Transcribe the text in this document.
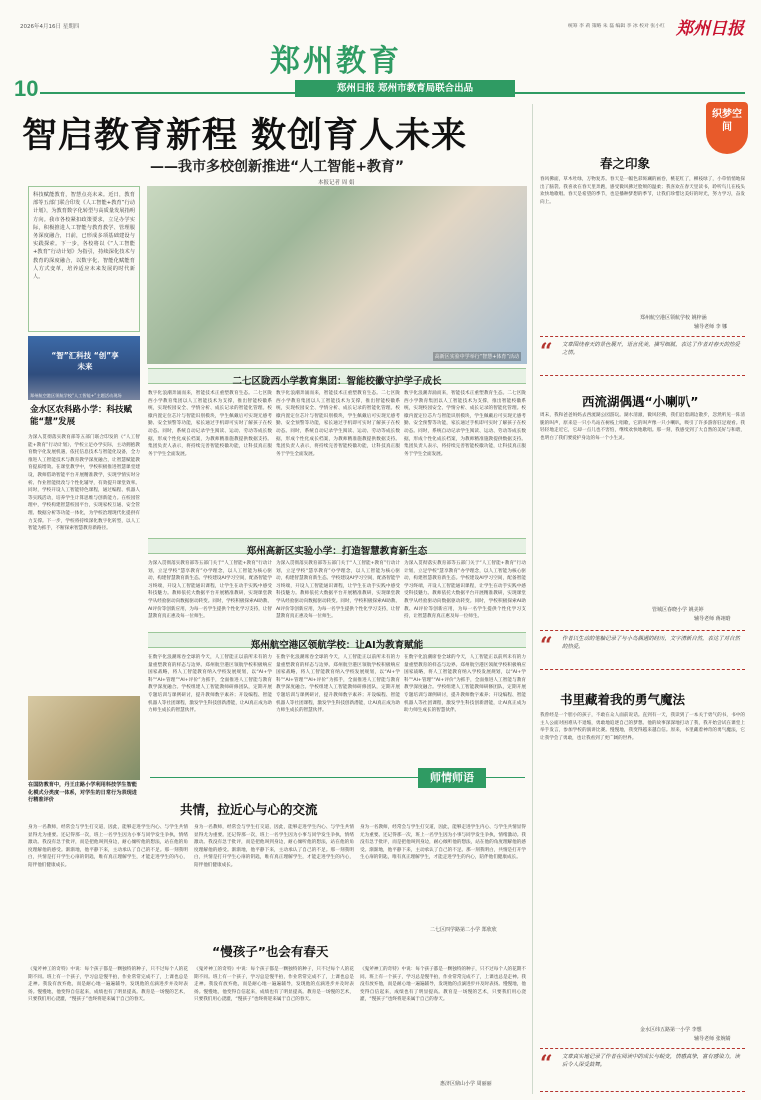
10
2026年4月16日 星期四
郑州教育
郑州日报 郑州市教育局联合出品
统筹 李 莉 策略 朱 磊 编辑 李 冰 校对 张小红 郑州日报
智启教育新程 数创育人未来
——我市多校创新推进“人工智能+教育”
本报记者 周 娟
科技赋能教育，智慧点亮未来。近日，教育部等五部门联合印发《人工智能+教育”行动计划》，为教育数字化转型与高质量发展指明方向。我市各校紧扣政策要求，立足办学实际，积极推进人工智能与教育教学、管理服务深度融合，日前，已形成多项基础建设与实践探索。下一步，各校将以《“人工智能+教育”行动计划》为指引，持续深化技术与教育的深度融合，以数字化、智能化赋能育人方式变革，培养适应未来发展的时代新人。
高新区实验中学举行“智慧+体育”活动
“智”汇科技 “创”享未来
郑州航空港区领航学校“人工智能+”主题活动现场
金水区农科路小学：科技赋能“慧”发展
为深入贯彻落实教育部等五部门联合印发的《“人工智能+教育”行动计划》，学校立足办学实际，主动拥抱教育数字化发展机遇，依托信息技术与智能化设备，全力推进人工智能技术与教育教学深度融合，让智慧赋能教育提质增效。在课堂教学中，学校积极推进智慧课堂建设，教师借助智能平台开展精准教学，实现学情实时分析、作业智能批改与个性化辅导，有效提升课堂效率。同时，学校开设人工智能特色课程，通过编程、机器人等实践活动，培养学生计算思维与创新能力。在校园管理中，学校构建智慧校园平台，实现家校互通、安全管理、数据分析等功能一体化，为学校治理现代化提供有力支撑。下一步，学校将持续深化数字化转型，以人工智能为抓手，不断探索智慧教育新路径。
在国防教育中，丹王庄路小学利用科技学生智能化模式分类度一体系，对学生的日常行为表现进行精准评价
二七区陇西小学教育集团：智能校徽守护学子成长
数字化浪潮奔涌而来，智能技术正重塑教育生态。二七区陇西小学教育集团以人工智能技术为支撑，推出智能校徽系统，实现校园安全、学情分析、成长记录的智能化管理。校徽内置定位芯片与智能识别模块，学生佩戴后可实现无感考勤、安全预警等功能，家长通过手机即可实时了解孩子在校动态。同时，系统自动记录学生阅读、运动、劳动等成长数据，形成个性化成长档案，为教师精准施教提供数据支持。集团负责人表示，将持续完善智能校徽功能，让科技真正服务于学生全面发展。
数字化浪潮奔涌而来，智能技术正重塑教育生态。二七区陇西小学教育集团以人工智能技术为支撑，推出智能校徽系统，实现校园安全、学情分析、成长记录的智能化管理。校徽内置定位芯片与智能识别模块，学生佩戴后可实现无感考勤、安全预警等功能，家长通过手机即可实时了解孩子在校动态。同时，系统自动记录学生阅读、运动、劳动等成长数据，形成个性化成长档案，为教师精准施教提供数据支持。集团负责人表示，将持续完善智能校徽功能，让科技真正服务于学生全面发展。
数字化浪潮奔涌而来，智能技术正重塑教育生态。二七区陇西小学教育集团以人工智能技术为支撑，推出智能校徽系统，实现校园安全、学情分析、成长记录的智能化管理。校徽内置定位芯片与智能识别模块，学生佩戴后可实现无感考勤、安全预警等功能，家长通过手机即可实时了解孩子在校动态。同时，系统自动记录学生阅读、运动、劳动等成长数据，形成个性化成长档案，为教师精准施教提供数据支持。集团负责人表示，将持续完善智能校徽功能，让科技真正服务于学生全面发展。
郑州高新区实验小学：打造智慧教育新生态
为深入贯彻落实教育部等五部门关于“人工智能+教育”行动计划，立足学校“慧享教育”办学理念，以人工智能为核心驱动，构建智慧教育新生态。学校建设AI学习空间，配备智能学习终端，开设人工智能通识课程，让学生在动手实践中感受科技魅力。教师依托大数据平台开展精准教研，实现课堂教学从经验驱动向数据驱动转变。同时，学校积极探索AI助教、AI评价等创新应用，为每一名学生提供个性化学习支持，让智慧教育真正惠及每一位师生。
为深入贯彻落实教育部等五部门关于“人工智能+教育”行动计划，立足学校“慧享教育”办学理念，以人工智能为核心驱动，构建智慧教育新生态。学校建设AI学习空间，配备智能学习终端，开设人工智能通识课程，让学生在动手实践中感受科技魅力。教师依托大数据平台开展精准教研，实现课堂教学从经验驱动向数据驱动转变。同时，学校积极探索AI助教、AI评价等创新应用，为每一名学生提供个性化学习支持，让智慧教育真正惠及每一位师生。
为深入贯彻落实教育部等五部门关于“人工智能+教育”行动计划，立足学校“慧享教育”办学理念，以人工智能为核心驱动，构建智慧教育新生态。学校建设AI学习空间，配备智能学习终端，开设人工智能通识课程，让学生在动手实践中感受科技魅力。教师依托大数据平台开展精准教研，实现课堂教学从经验驱动向数据驱动转变。同时，学校积极探索AI助教、AI评价等创新应用，为每一名学生提供个性化学习支持，让智慧教育真正惠及每一位师生。
郑州航空港区领航学校：让AI为教育赋能
在数字化浪潮席卷全球的今天，人工智能正以前所未有的力量重塑教育的样态与边界。郑州航空港区领航学校积极响应国家战略，将人工智能教育纳入学校发展规划，以“AI+学科”“AI+管理”“AI+评价”为抓手，全面推进人工智能与教育教学深度融合。学校组建人工智能教师研修团队，定期开展专题培训与课例研讨，提升教师数字素养；开设编程、智能机器人等社团课程，激发学生科技创新潜能，让AI真正成为助力师生成长的智慧伙伴。
在数字化浪潮席卷全球的今天，人工智能正以前所未有的力量重塑教育的样态与边界。郑州航空港区领航学校积极响应国家战略，将人工智能教育纳入学校发展规划，以“AI+学科”“AI+管理”“AI+评价”为抓手，全面推进人工智能与教育教学深度融合。学校组建人工智能教师研修团队，定期开展专题培训与课例研讨，提升教师数字素养；开设编程、智能机器人等社团课程，激发学生科技创新潜能，让AI真正成为助力师生成长的智慧伙伴。
在数字化浪潮席卷全球的今天，人工智能正以前所未有的力量重塑教育的样态与边界。郑州航空港区领航学校积极响应国家战略，将人工智能教育纳入学校发展规划，以“AI+学科”“AI+管理”“AI+评价”为抓手，全面推进人工智能与教育教学深度融合。学校组建人工智能教师研修团队，定期开展专题培训与课例研讨，提升教师数字素养；开设编程、智能机器人等社团课程，激发学生科技创新潜能，让AI真正成为助力师生成长的智慧伙伴。
师情师语
共情，拉近心与心的交流
身为一名教师，经常会与学生打交道，因此，能够走进学生内心、与学生共情显得尤为重要。还记得那一次，班上一名学生因为小事与同学发生争执，情绪激动。我没有急于批评，而是把他叫到身边，耐心倾听他的想法，站在他的角度理解他的感受。渐渐地，他平静下来，主动承认了自己的不足。那一刻我明白，共情是打开学生心扉的钥匙，唯有真正理解学生，才能走进学生的内心，陪伴他们健康成长。
身为一名教师，经常会与学生打交道，因此，能够走进学生内心、与学生共情显得尤为重要。还记得那一次，班上一名学生因为小事与同学发生争执，情绪激动。我没有急于批评，而是把他叫到身边，耐心倾听他的想法，站在他的角度理解他的感受。渐渐地，他平静下来，主动承认了自己的不足。那一刻我明白，共情是打开学生心扉的钥匙，唯有真正理解学生，才能走进学生的内心，陪伴他们健康成长。
身为一名教师，经常会与学生打交道，因此，能够走进学生内心、与学生共情显得尤为重要。还记得那一次，班上一名学生因为小事与同学发生争执，情绪激动。我没有急于批评，而是把他叫到身边，耐心倾听他的想法，站在他的角度理解他的感受。渐渐地，他平静下来，主动承认了自己的不足。那一刻我明白，共情是打开学生心扉的钥匙，唯有真正理解学生，才能走进学生的内心，陪伴他们健康成长。
二七区四学路第二小学 郑欣欣
“慢孩子”也会有春天
《鬼斧神工的奇特》中说：每个孩子都是一颗独特的种子，只不过每个人的花期不同。班上有一个孩子，学习总是慢半拍，作业常常完成不了，上课也总是走神。我没有放弃他，而是耐心地一遍遍辅导，发现他的点滴进步并及时表扬。慢慢地，他变得自信起来，成绩也有了明显提高。教育是一场慢的艺术，只要我们用心浇灌，“慢孩子”也终将迎来属于自己的春天。
《鬼斧神工的奇特》中说：每个孩子都是一颗独特的种子，只不过每个人的花期不同。班上有一个孩子，学习总是慢半拍，作业常常完成不了，上课也总是走神。我没有放弃他，而是耐心地一遍遍辅导，发现他的点滴进步并及时表扬。慢慢地，他变得自信起来，成绩也有了明显提高。教育是一场慢的艺术，只要我们用心浇灌，“慢孩子”也终将迎来属于自己的春天。
《鬼斧神工的奇特》中说：每个孩子都是一颗独特的种子，只不过每个人的花期不同。班上有一个孩子，学习总是慢半拍，作业常常完成不了，上课也总是走神。我没有放弃他，而是耐心地一遍遍辅导，发现他的点滴进步并及时表扬。慢慢地，他变得自信起来，成绩也有了明显提高。教育是一场慢的艺术，只要我们用心浇灌，“慢孩子”也终将迎来属于自己的春天。
惠济区鼎山小学 周丽丽
织梦空间
春之印象
春风拂面，草木吐绿，万物复苏。春天是一幅色彩斑斓的画卷，桃花红了，柳枝绿了，小草悄悄地探出了脑袋。我喜欢在春天里奔跑，感受微风拂过脸颊的温柔；我喜欢在春天里读书，聆听鸟儿在枝头欢快地歌唱。春天是希望的季节，也是播种梦想的季节，让我们珍惜这美好的时光，努力学习，奋发向上。
郑州航空港区领航学校 姚梓涵
辅导老师 李 娜
“ 文章围绕春天的景色展开，语言优美，描写细腻，表达了作者对春天的热爱之情。
西流湖偶遇“小喇叭”
周末，我和爸爸妈妈去西流湖公园游玩。湖水清澈，微风轻拂，我们沿着湖边散步，忽然听见一阵清脆的叫声，原来是一只小鸟站在树枝上唱歌，它的叫声像一只小喇叭，吸引了许多游客驻足观看。我轻轻地走近它，它却一点儿也不害怕，继续欢快地歌唱。那一刻，我感受到了大自然的美好与和谐，也明白了我们要爱护身边的每一个小生灵。
管城区春晓小学 姚美婷
辅导老师 蒋翊晗
“ 作者以生动的笔触记录了与小鸟偶遇的经历，文字清新自然，表达了对自然的热爱。
书里藏着我的勇气魔法
我曾经是一个胆小的孩子，不敢在众人面前说话。直到有一天，我读到了一本关于勇气的书，书中的主人公面对困难从不退缩，勇敢地追逐自己的梦想。他的故事深深地打动了我，我开始尝试在课堂上举手发言，参加学校的演讲比赛。慢慢地，我变得越来越自信。原来，书里藏着神奇的勇气魔法，它让我学会了勇敢，也让我看到了更广阔的世界。
金水区纬五路第一小学 李想
辅导老师 张婉婧
“ 文章真实地记录了作者在阅读中的成长与蜕变，情感真挚，富有感染力，读后令人深受鼓舞。
